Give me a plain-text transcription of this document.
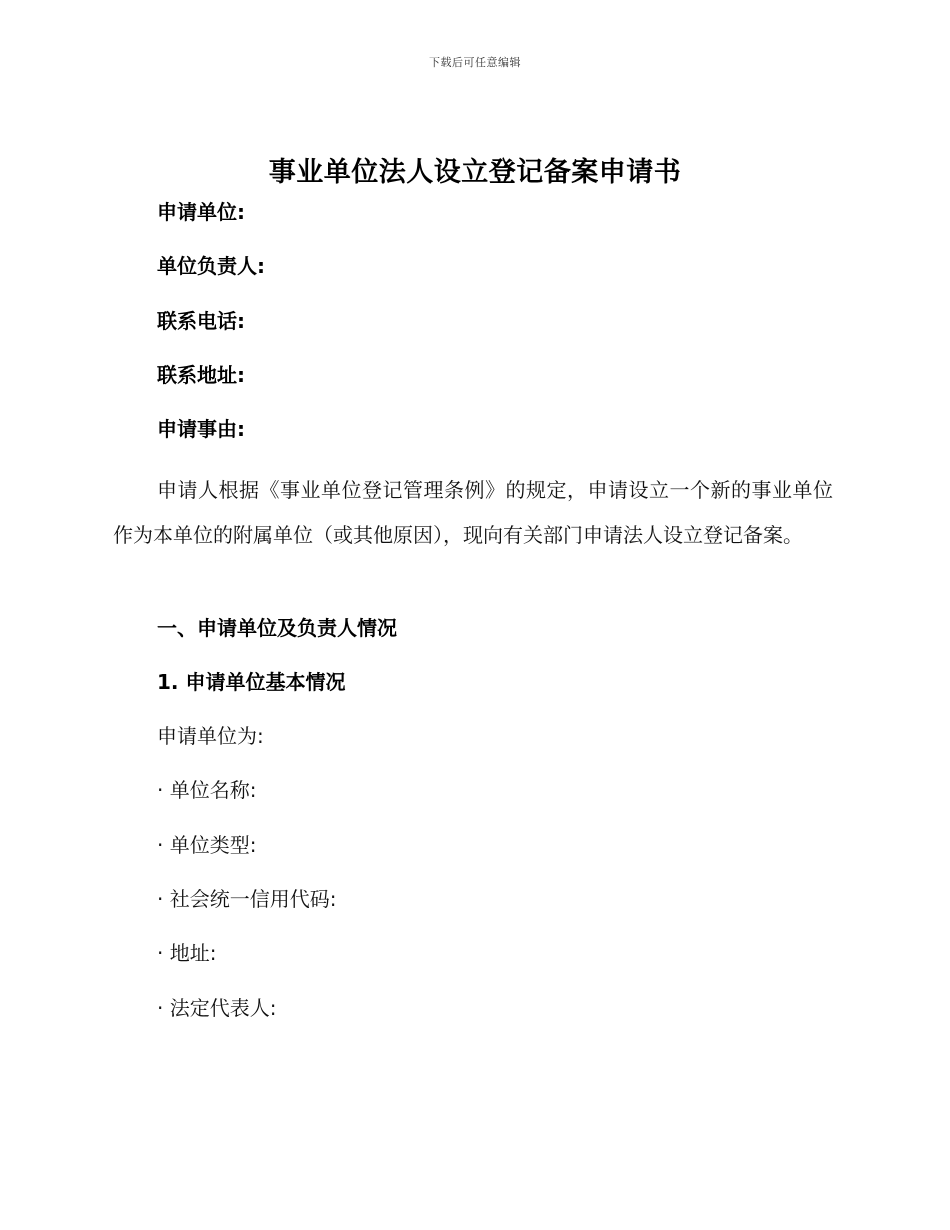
下载后可任意编辑
事业单位法人设立登记备案申请书
申请单位:
单位负责人:
联系电话:
联系地址:
申请事由:
申请人根据《事业单位登记管理条例》的规定，申请设立一个新的事业单位作为本单位的附属单位（或其他原因），现向有关部门申请法人设立登记备案。
一、申请单位及负责人情况
1. 申请单位基本情况
申请单位为:
· 单位名称:
· 单位类型:
· 社会统一信用代码:
· 地址:
· 法定代表人:
